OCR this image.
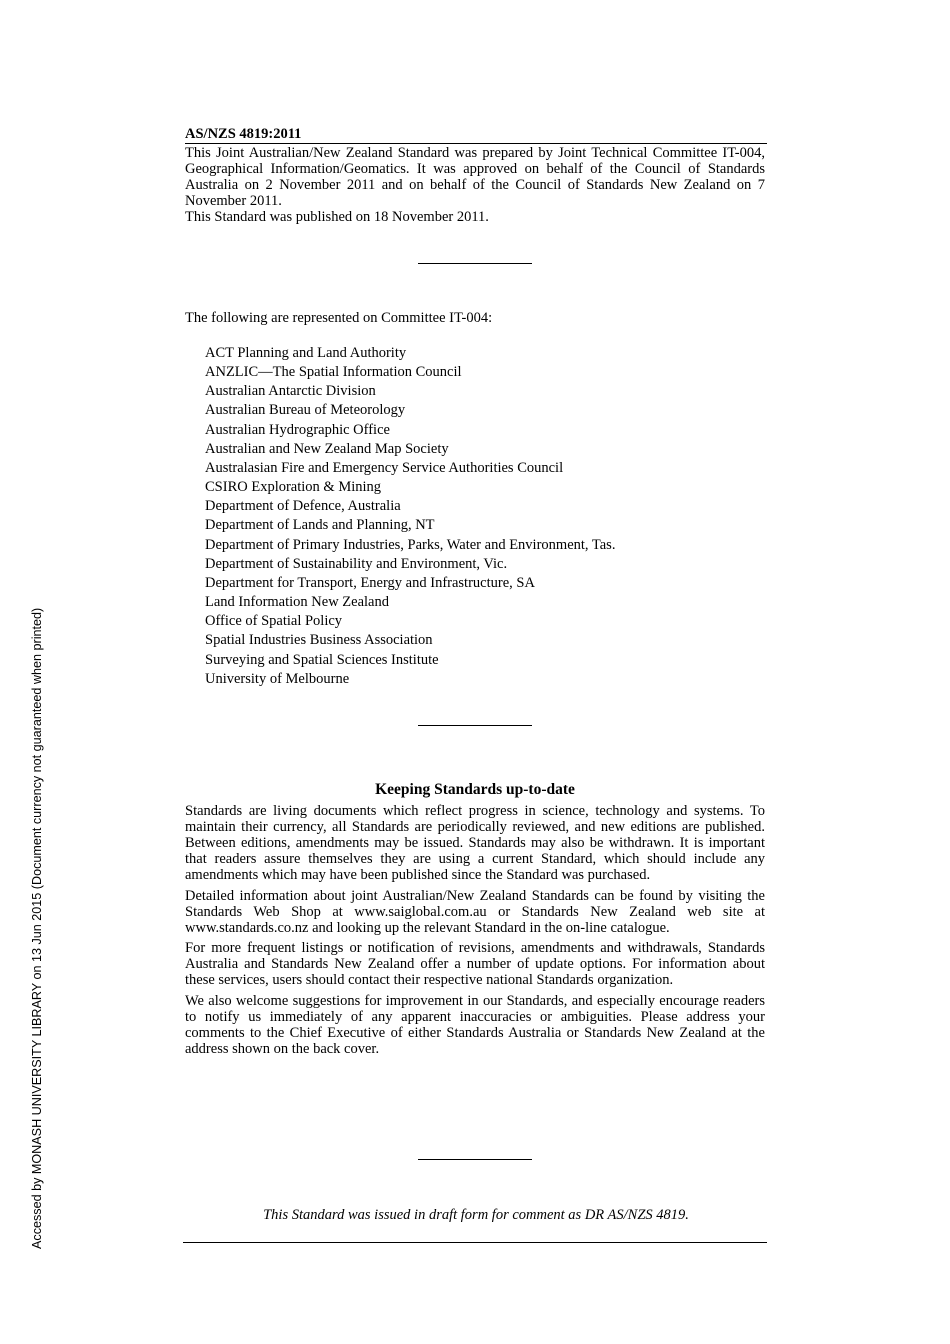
AS/NZS 4819:2011

This Joint Australian/New Zealand Standard was prepared by Joint Technical Committee IT-004, Geographical Information/Geomatics. It was approved on behalf of the Council of Standards Australia on 2 November 2011 and on behalf of the Council of Standards New Zealand on 7 November 2011.

This Standard was published on 18 November 2011.

The following are represented on Committee IT-004:
ACT Planning and Land Authority
ANZLIC—The Spatial Information Council
Australian Antarctic Division
Australian Bureau of Meteorology
Australian Hydrographic Office
Australian and New Zealand Map Society
Australasian Fire and Emergency Service Authorities Council
CSIRO Exploration & Mining
Department of Defence, Australia
Department of Lands and Planning, NT
Department of Primary Industries, Parks, Water and Environment, Tas.
Department of Sustainability and Environment, Vic.
Department for Transport, Energy and Infrastructure, SA
Land Information New Zealand
Office of Spatial Policy
Spatial Industries Business Association
Surveying and Spatial Sciences Institute
University of Melbourne
Keeping Standards up-to-date

Standards are living documents which reflect progress in science, technology and systems. To maintain their currency, all Standards are periodically reviewed, and new editions are published. Between editions, amendments may be issued. Standards may also be withdrawn. It is important that readers assure themselves they are using a current Standard, which should include any amendments which may have been published since the Standard was purchased.

Detailed information about joint Australian/New Zealand Standards can be found by visiting the Standards Web Shop at www.saiglobal.com.au or Standards New Zealand web site at www.standards.co.nz and looking up the relevant Standard in the on-line catalogue.

For more frequent listings or notification of revisions, amendments and withdrawals, Standards Australia and Standards New Zealand offer a number of update options. For information about these services, users should contact their respective national Standards organization.

We also welcome suggestions for improvement in our Standards, and especially encourage readers to notify us immediately of any apparent inaccuracies or ambiguities. Please address your comments to the Chief Executive of either Standards Australia or Standards New Zealand at the address shown on the back cover.

This Standard was issued in draft form for comment as DR AS/NZS 4819.
Accessed by MONASH UNIVERSITY LIBRARY on 13 Jun 2015 (Document currency not guaranteed when printed)
